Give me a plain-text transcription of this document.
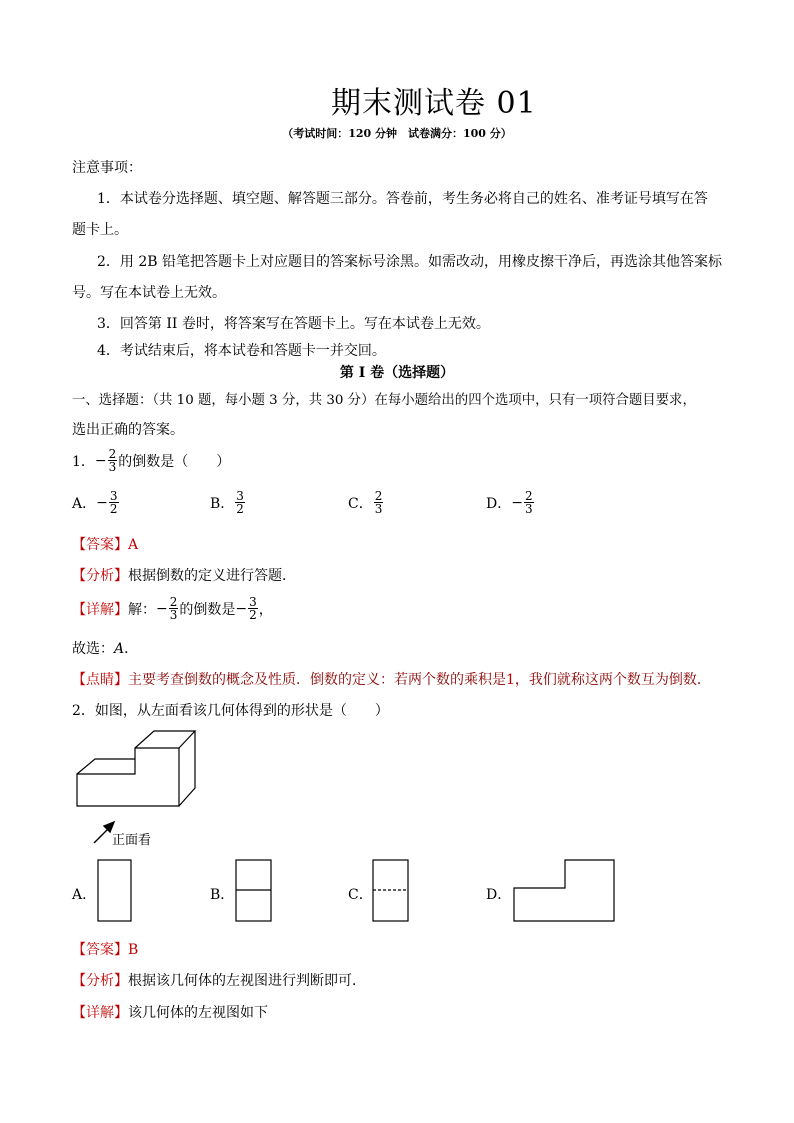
期末测试卷 01
（考试时间：120 分钟　试卷满分：100 分）
注意事项：
1．本试卷分选择题、填空题、解答题三部分。答卷前，考生务必将自己的姓名、准考证号填写在答
题卡上。
2．用 2B 铅笔把答题卡上对应题目的答案标号涂黑。如需改动，用橡皮擦干净后，再选涂其他答案标
号。写在本试卷上无效。
3．回答第 II 卷时，将答案写在答题卡上。写在本试卷上无效。
4．考试结束后，将本试卷和答题卡一并交回。
第 I 卷（选择题）
一、选择题：（共 10 题，每小题 3 分，共 30 分）在每小题给出的四个选项中，只有一项符合题目要求，
选出正确的答案。
1． − $\frac{2}{3}$ 的倒数是（　　）
A． − $\frac{3}{2}$	B． $\frac{3}{2}$	C． $\frac{2}{3}$	D． − $\frac{2}{3}$
【答案】A
【分析】根据倒数的定义进行答题．
【详解】 解： − $\frac{2}{3}$ 的倒数是 − $\frac{3}{2}$ ，
故选：A．
【点睛】主要考查倒数的概念及性质．倒数的定义：若两个数的乘积是1，我们就称这两个数互为倒数．
2．如图，从左面看该几何体得到的形状是（　　）
正面看
A．	B．	C．	D．
【答案】B
【分析】根据该几何体的左视图进行判断即可．
【详解】该几何体的左视图如下
